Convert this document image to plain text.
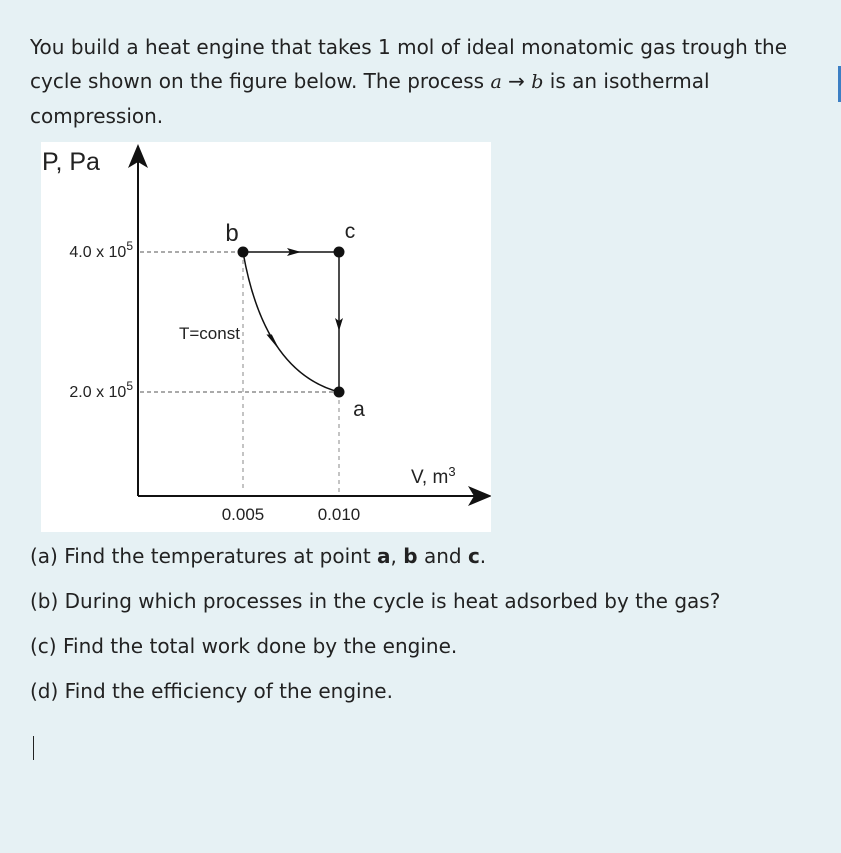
You build a heat engine that takes 1 mol of ideal monatomic gas trough the cycle shown on the figure below. The process a → b is an isothermal compression.
2.0 x $10^5$
4.0 x $10^5$
0.005	0.010
T=const
a
b	c
V, $m^3$
P, Pa

(a) Find the temperatures at point a, b and c.

(b) During which processes in the cycle is heat adsorbed by the gas?

(c) Find the total work done by the engine.

(d) Find the efficiency of the engine.
